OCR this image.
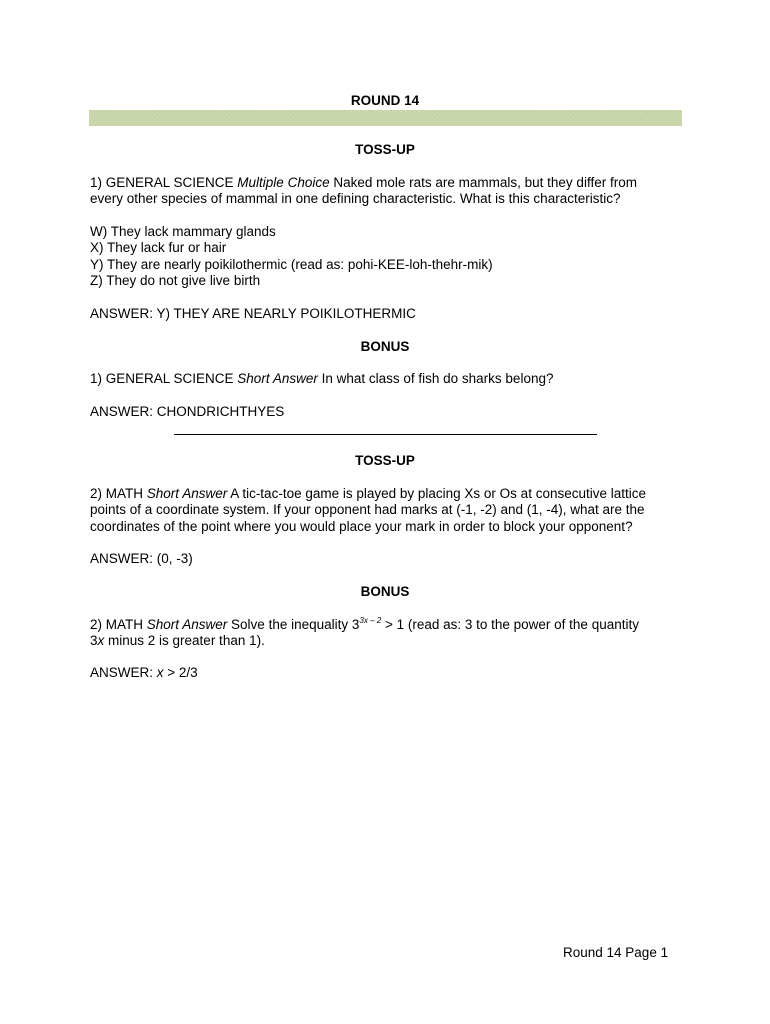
ROUND 14
TOSS-UP
1) GENERAL SCIENCE Multiple Choice Naked mole rats are mammals, but they differ from
every other species of mammal in one defining characteristic. What is this characteristic?
W) They lack mammary glands
X) They lack fur or hair
Y) They are nearly poikilothermic (read as: pohi-KEE-loh-thehr-mik)
Z) They do not give live birth
ANSWER: Y) THEY ARE NEARLY POIKILOTHERMIC
BONUS
1) GENERAL SCIENCE Short Answer In what class of fish do sharks belong?
ANSWER: CHONDRICHTHYES
TOSS-UP
2) MATH Short Answer A tic-tac-toe game is played by placing Xs or Os at consecutive lattice
points of a coordinate system. If your opponent had marks at (-1, -2) and (1, -4), what are the
coordinates of the point where you would place your mark in order to block your opponent?
ANSWER: (0, -3)
BONUS
2) MATH Short Answer Solve the inequality $3^{3x - 2} > 1$ (read as: 3 to the power of the quantity
3x minus 2 is greater than 1).
ANSWER: x > 2/3
Round 14 Page 1
